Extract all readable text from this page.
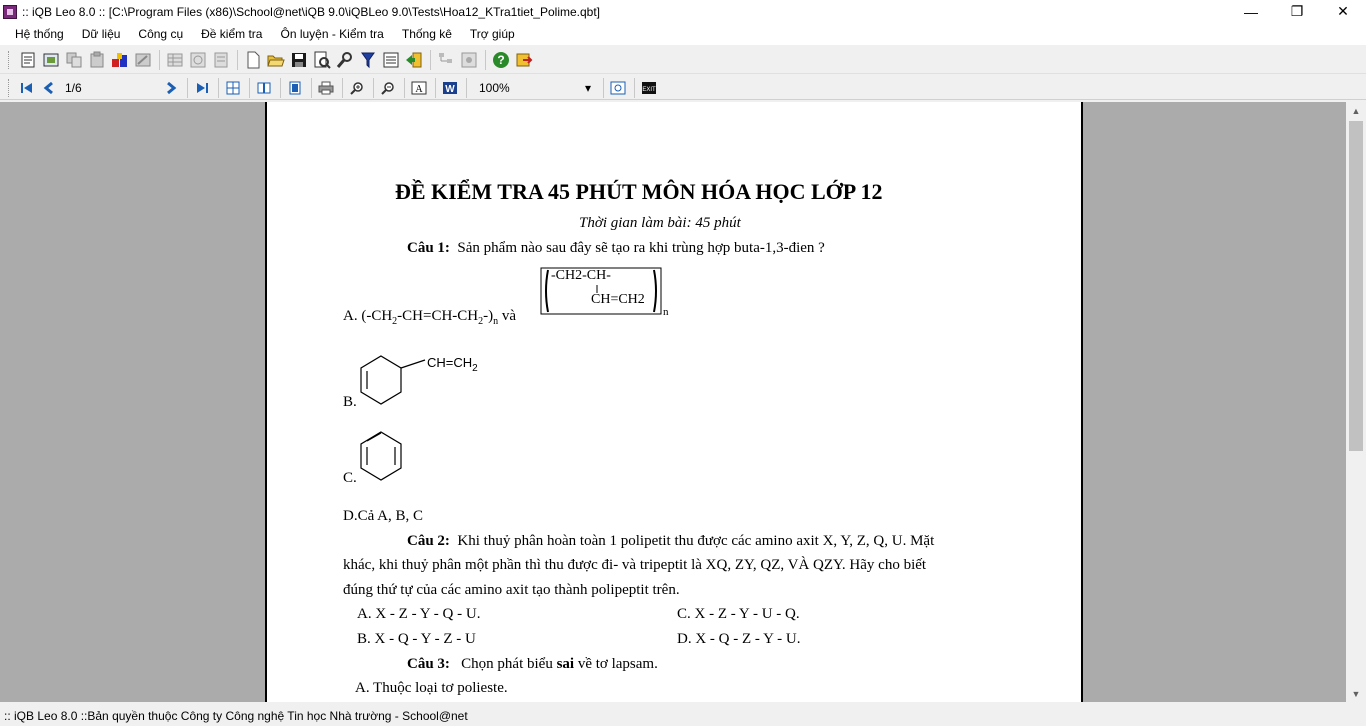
:: iQB Leo 8.0 :: [C:\Program Files (x86)\School@net\iQB 9.0\iQBLeo 9.0\Tests\Hoa12_KTra1tiet_Polime.qbt]	—	❐	✕
Hệ thống	Dữ liệu	Công cụ	Đề kiểm tra	Ôn luyện - Kiểm tra	Thống kê	Trợ giúp
?
1/6	A W 100%	▾	EXIT
ĐỀ KIỂM TRA 45 PHÚT MÔN HÓA HỌC LỚP 12
Thời gian làm bài: 45 phút
Câu 1: Sản phẩm nào sau đây sẽ tạo ra khi trùng hợp buta-1,3-đien ?
A. $(-CH_2-CH=CH-CH_2-)_n$ và
-CH2-CH-
CH=CH2
n
B.
$CH=CH_2$
C.
D.Cả A, B, C
Câu 2: Khi thuỷ phân hoàn toàn 1 polipetit thu được các amino axit X, Y, Z, Q, U. Mặt
khác, khi thuỷ phân một phần thì thu được đi- và tripeptit là XQ, ZY, QZ, VÀ QZY. Hãy cho biết
đúng thứ tự của các amino axit tạo thành polipeptit trên.
A. X - Z - Y - Q - U.	C. X - Z - Y - U - Q.
B. X - Q - Y - Z - U	D. X - Q - Z - Y - U.
Câu 3: Chọn phát biểu sai về tơ lapsam.
A. Thuộc loại tơ polieste.
▲
▼
:: iQB Leo 8.0 ::Bản quyền thuộc Công ty Công nghệ Tin học Nhà trường - School@net
